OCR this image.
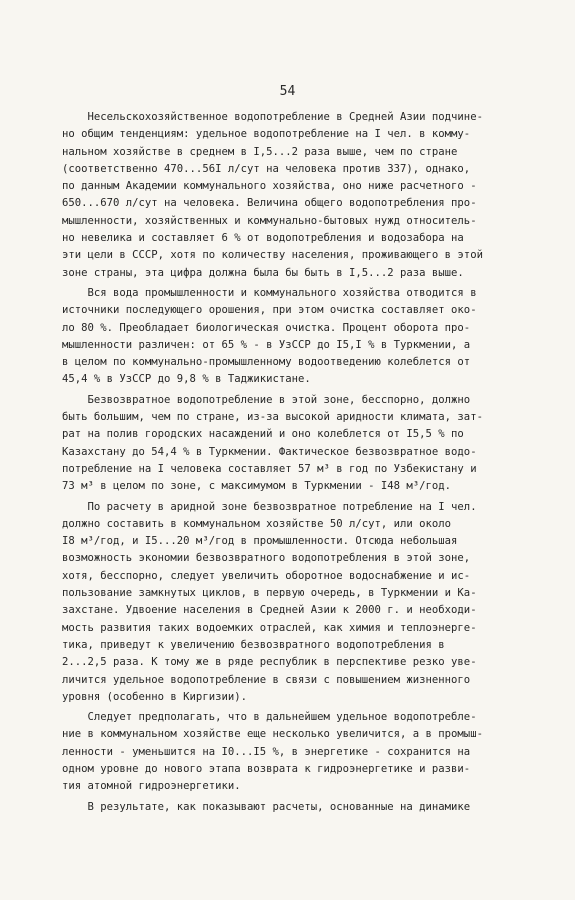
54
Несельскохозяйственное водопотребление в Средней Азии подчине-
но общим тенденциям: удельное водопотребление на I чел. в комму-
нальном хозяйстве в среднем в I,5...2 раза выше, чем по стране
(соответственно 470...56I л/сут на человека против 337), однако,
по данным Академии коммунального хозяйства, оно ниже расчетного -
650...670 л/сут на человека. Величина общего водопотребления про-
мышленности, хозяйственных и коммунально-бытовых нужд относитель-
но невелика и составляет 6 % от водопотребления и водозабора на
эти цели в СССР, хотя по количеству населения, проживающего в этой
зоне страны, эта цифра должна была бы быть в I,5...2 раза выше.
Вся вода промышленности и коммунального хозяйства отводится в
источники последующего орошения, при этом очистка составляет око-
ло 80 %. Преобладает биологическая очистка. Процент оборота про-
мышленности различен: от 65 % - в УзССР до I5,I % в Туркмении, а
в целом по коммунально-промышленному водоотведению колеблется от
45,4 % в УзССР до 9,8 % в Таджикистане.
Безвозвратное водопотребление в этой зоне, бесспорно, должно
быть большим, чем по стране, из-за высокой аридности климата, зат-
рат на полив городских насаждений и оно колеблется от I5,5 % по
Казахстану до 54,4 % в Туркмении. Фактическое безвозвратное водо-
потребление на I человека составляет 57 м³ в год по Узбекистану и
73 м³ в целом по зоне, с максимумом в Туркмении - I48 м³/год.
По расчету в аридной зоне безвозвратное потребление на I чел.
должно составить в коммунальном хозяйстве 50 л/сут, или около
I8 м³/год, и I5...20 м³/год в промышленности. Отсюда небольшая
возможность экономии безвозвратного водопотребления в этой зоне,
хотя, бесспорно, следует увеличить оборотное водоснабжение и ис-
пользование замкнутых циклов, в первую очередь, в Туркмении и Ка-
захстане. Удвоение населения в Средней Азии к 2000 г. и необходи-
мость развития таких водоемких отраслей, как химия и теплоэнерге-
тика, приведут к увеличению безвозвратного водопотребления в
2...2,5 раза. К тому же в ряде республик в перспективе резко уве-
личится удельное водопотребление в связи с повышением жизненного
уровня (особенно в Киргизии).
Следует предполагать, что в дальнейшем удельное водопотребле-
ние в коммунальном хозяйстве еще несколько увеличится, а в промыш-
ленности - уменьшится на I0...I5 %, в энергетике - сохранится на
одном уровне до нового этапа возврата к гидроэнергетике и разви-
тия атомной гидроэнергетики.
В результате, как показывают расчеты, основанные на динамике
